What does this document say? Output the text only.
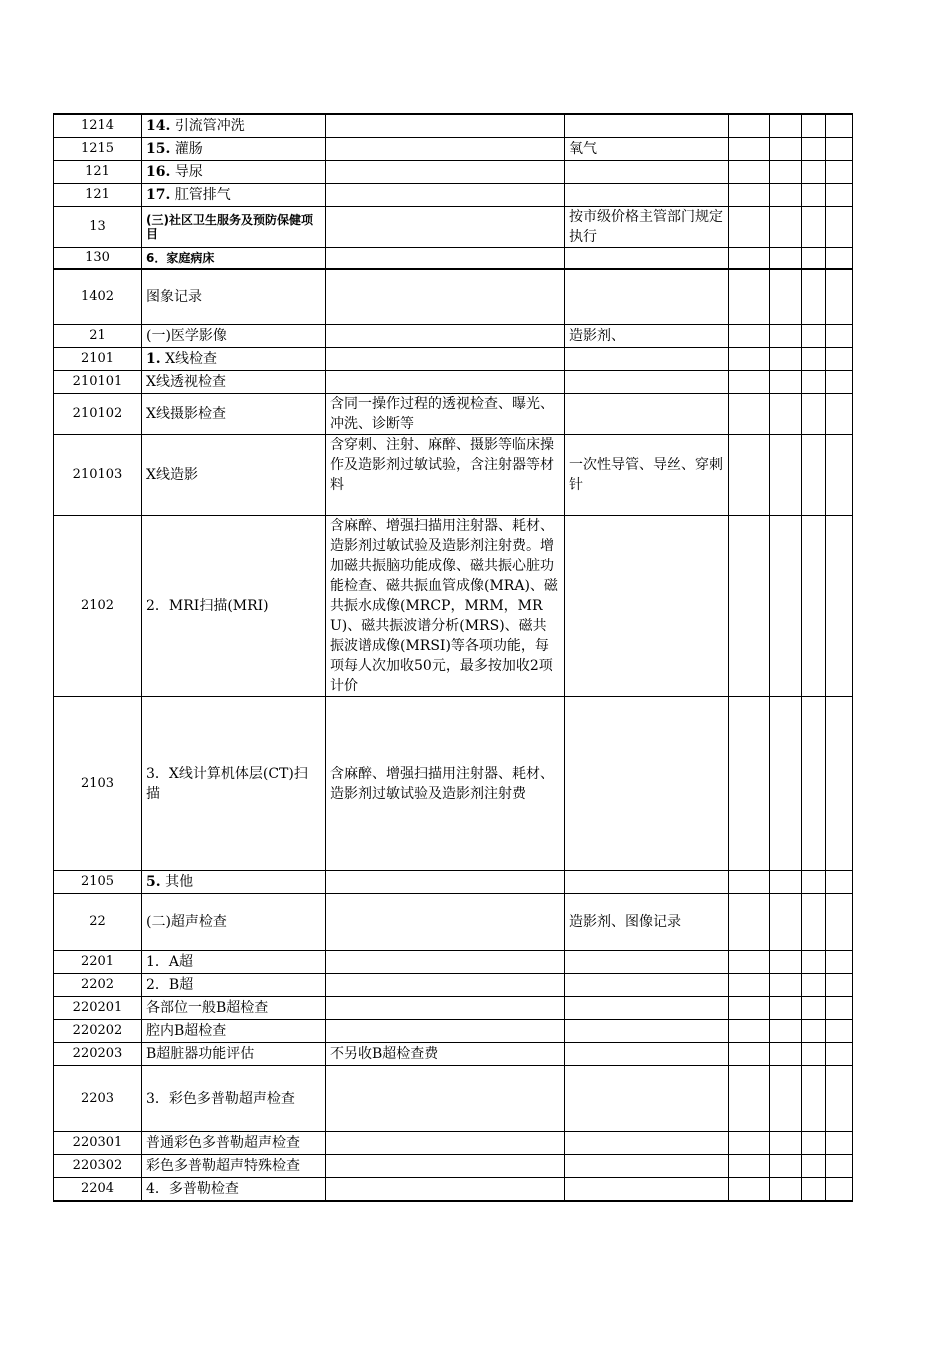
1214	14. 引流管冲洗						
1215	15. 灌肠		氧气				
121	16. 导尿						
121	17. 肛管排气						
13	(三)社区卫生服务及预防保健项目		按市级价格主管部门规定执行				
130	6．家庭病床						
1402	图象记录						
21	(一)医学影像		造影剂、				
2101	1. X线检查						
210101	X线透视检查						
210102	X线摄影检查	含同一操作过程的透视检查、曝光、冲洗、诊断等					
210103	X线造影	含穿刺、注射、麻醉、摄影等临床操作及造影剂过敏试验，含注射器等材料	一次性导管、导丝、穿刺针				
2102	2．MRI扫描(MRI)	含麻醉、增强扫描用注射器、耗材、造影剂过敏试验及造影剂注射费。增加磁共振脑功能成像、磁共振心脏功能检查、磁共振血管成像(MRA)、磁共振水成像(MRCP，MRM，MRU)、磁共振波谱分析(MRS)、磁共振波谱成像(MRSI)等各项功能，每项每人次加收50元，最多按加收2项计价					
2103	3．X线计算机体层(CT)扫描	含麻醉、增强扫描用注射器、耗材、造影剂过敏试验及造影剂注射费					
2105	5. 其他						
22	(二)超声检查		造影剂、图像记录				
2201	1．A超						
2202	2．B超						
220201	各部位一般B超检查						
220202	腔内B超检查						
220203	B超脏器功能评估	不另收B超检查费					
2203	3．彩色多普勒超声检查						
220301	普通彩色多普勒超声检查						
220302	彩色多普勒超声特殊检查						
2204	4．多普勒检查						
